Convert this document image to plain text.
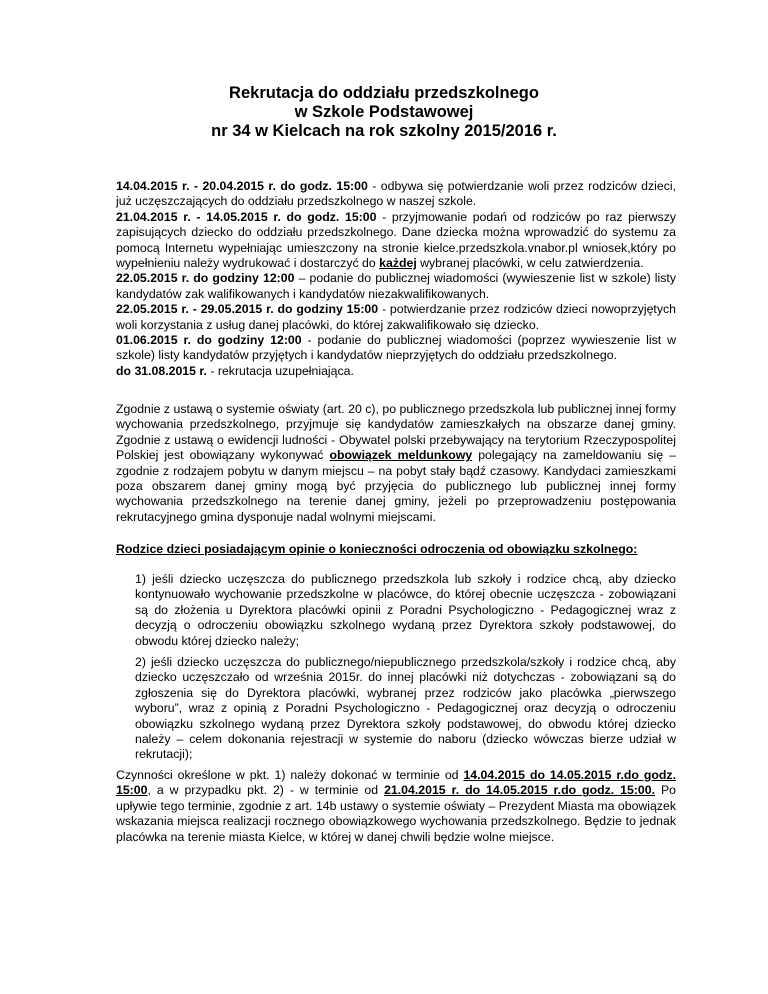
Rekrutacja do oddziału przedszkolnego
w Szkole Podstawowej
nr 34 w Kielcach na rok szkolny 2015/2016 r.

14.04.2015 r. - 20.04.2015 r. do godz. 15:00 - odbywa się potwierdzanie woli przez rodziców dzieci, już uczęszczających do oddziału przedszkolnego w naszej szkole.

21.04.2015 r. - 14.05.2015 r. do godz. 15:00 - przyjmowanie podań od rodziców po raz pierwszy zapisujących dziecko do oddziału przedszkolnego. Dane dziecka można wprowadzić do systemu za pomocą Internetu wypełniając umieszczony na stronie kielce.przedszkola.vnabor.pl wniosek,który po wypełnieniu należy wydrukować i dostarczyć do każdej wybranej placówki, w celu zatwierdzenia.

22.05.2015 r. do godziny 12:00 – podanie do publicznej wiadomości (wywieszenie list w szkole) listy kandydatów zak walifikowanych i kandydatów niezakwalifikowanych.

22.05.2015 r. - 29.05.2015 r. do godziny 15:00 - potwierdzanie przez rodziców dzieci nowoprzyjętych woli korzystania z usług danej placówki, do której zakwalifikowało się dziecko.

01.06.2015 r. do godziny 12:00 - podanie do publicznej wiadomości (poprzez wywieszenie list w szkole) listy kandydatów przyjętych i kandydatów nieprzyjętych do oddziału przedszkolnego.

do 31.08.2015 r. - rekrutacja uzupełniająca.

Zgodnie z ustawą o systemie oświaty (art. 20 c), po publicznego przedszkola lub publicznej innej formy wychowania przedszkolnego, przyjmuje się kandydatów zamieszkałych na obszarze danej gminy. Zgodnie z ustawą o ewidencji ludności - Obywatel polski przebywający na terytorium Rzeczypospolitej Polskiej jest obowiązany wykonywać obowiązek meldunkowy polegający na zameldowaniu się – zgodnie z rodzajem pobytu w danym miejscu – na pobyt stały bądź czasowy. Kandydaci zamieszkami poza obszarem danej gminy mogą być przyjęcia do publicznego lub publicznej innej formy wychowania przedszkolnego na terenie danej gminy, jeżeli po przeprowadzeniu postępowania rekrutacyjnego gmina dysponuje nadal wolnymi miejscami.

Rodzice dzieci posiadającym opinie o konieczności odroczenia od obowiązku szkolnego:
1) jeśli dziecko uczęszcza do publicznego przedszkola lub szkoły i rodzice chcą, aby dziecko kontynuowało wychowanie przedszkolne w placówce, do której obecnie uczęszcza - zobowiązani są do złożenia u Dyrektora placówki opinii z Poradni Psychologiczno - Pedagogicznej wraz z decyzją o odroczeniu obowiązku szkolnego wydaną przez Dyrektora szkoły podstawowej, do obwodu której dziecko należy;
2) jeśli dziecko uczęszcza do publicznego/niepublicznego przedszkola/szkoły i rodzice chcą, aby dziecko uczęszczało od września 2015r. do innej placówki niż dotychczas - zobowiązani są do zgłoszenia się do Dyrektora placówki, wybranej przez rodziców jako placówka „pierwszego wyboru”, wraz z opinią z Poradni Psychologiczno - Pedagogicznej oraz decyzją o odroczeniu obowiązku szkolnego wydaną przez Dyrektora szkoły podstawowej, do obwodu której dziecko należy – celem dokonania rejestracji w systemie do naboru (dziecko wówczas bierze udział w rekrutacji);

Czynności określone w pkt. 1) należy dokonać w terminie od 14.04.2015 do 14.05.2015 r.do godz. 15:00, a w przypadku pkt. 2) - w terminie od 21.04.2015 r. do 14.05.2015 r.do godz. 15:00. Po upływie tego terminie, zgodnie z art. 14b ustawy o systemie oświaty – Prezydent Miasta ma obowiązek wskazania miejsca realizacji rocznego obowiązkowego wychowania przedszkolnego. Będzie to jednak placówka na terenie miasta Kielce, w której w danej chwili będzie wolne miejsce.
